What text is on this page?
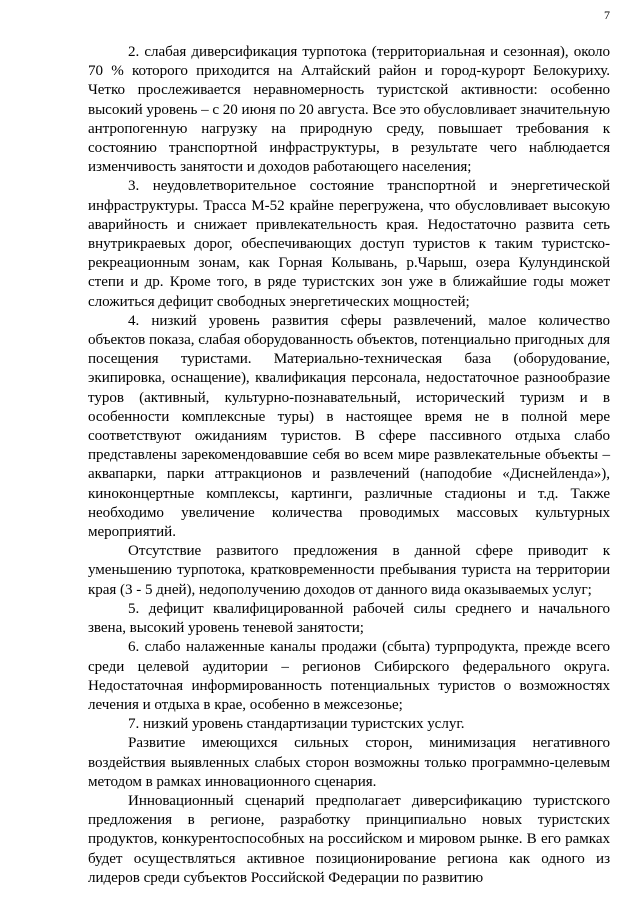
7

2. слабая диверсификация турпотока (территориальная и сезонная), около 70 % которого приходится на Алтайский район и город-курорт Белокуриху. Четко прослеживается неравномерность туристской активности: особенно высокий уровень – с 20 июня по 20 августа. Все это обусловливает значительную антропогенную нагрузку на природную среду, повышает требования к состоянию транспортной инфраструктуры, в результате чего наблюдается изменчивость занятости и доходов работающего населения;

3. неудовлетворительное состояние транспортной и энергетической инфраструктуры. Трасса М-52 крайне перегружена, что обусловливает высокую аварийность и снижает привлекательность края. Недостаточно развита сеть внутрикраевых дорог, обеспечивающих доступ туристов к таким туристско-рекреационным зонам, как Горная Колывань, р.Чарыш, озера Кулундинской степи и др. Кроме того, в ряде туристских зон уже в ближайшие годы может сложиться дефицит свободных энергетических мощностей;

4. низкий уровень развития сферы развлечений, малое количество объектов показа, слабая оборудованность объектов, потенциально пригодных для посещения туристами. Материально-техническая база (оборудование, экипировка, оснащение), квалификация персонала, недостаточное разнообразие туров (активный, культурно-познавательный, исторический туризм и в особенности комплексные туры) в настоящее время не в полной мере соответствуют ожиданиям туристов. В сфере пассивного отдыха слабо представлены зарекомендовавшие себя во всем мире развлекательные объекты – аквапарки, парки аттракционов и развлечений (наподобие «Диснейленда»), киноконцертные комплексы, картинги, различные стадионы и т.д. Также необходимо увеличение количества проводимых массовых культурных мероприятий.

Отсутствие развитого предложения в данной сфере приводит к уменьшению турпотока, кратковременности пребывания туриста на территории края (3 - 5 дней), недополучению доходов от данного вида оказываемых услуг;

5. дефицит квалифицированной рабочей силы среднего и начального звена, высокий уровень теневой занятости;

6. слабо налаженные каналы продажи (сбыта) турпродукта, прежде всего среди целевой аудитории – регионов Сибирского федерального округа. Недостаточная информированность потенциальных туристов о возможностях лечения и отдыха в крае, особенно в межсезонье;

7. низкий уровень стандартизации туристских услуг.

Развитие имеющихся сильных сторон, минимизация негативного воздействия выявленных слабых сторон возможны только программно-целевым методом в рамках инновационного сценария.

Инновационный сценарий предполагает диверсификацию туристского предложения в регионе, разработку принципиально новых туристских продуктов, конкурентоспособных на российском и мировом рынке. В его рамках будет осуществляться активное позиционирование региона как одного из лидеров среди субъектов Российской Федерации по развитию
